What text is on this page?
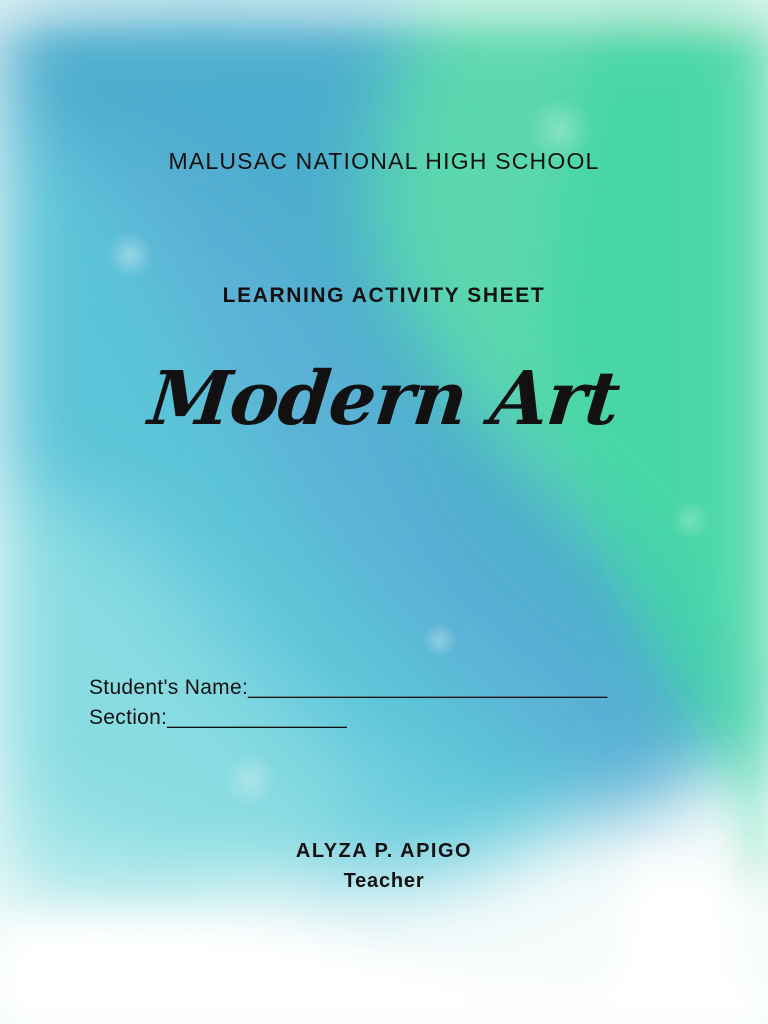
MALUSAC NATIONAL HIGH SCHOOL

LEARNING ACTIVITY SHEET

Modern Art

Student's Name:______________________________
Section:_______________

ALYZA P. APIGO

Teacher
